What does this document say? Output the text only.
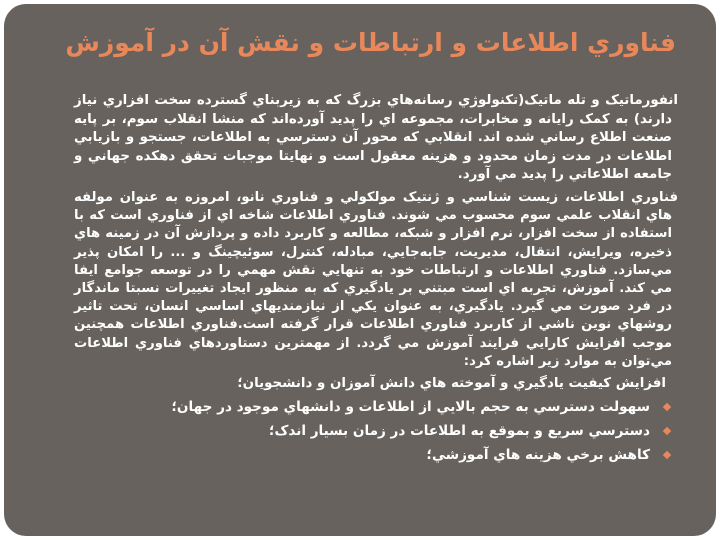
فناوري اطلاعات و ارتباطات و نقش آن در آموزش

انفورماتيک و تله ماتيک(تکنولوژي رسانه‌هاي بزرگ که به زيربناي گسترده سخت افزاري نياز دارند) به کمک رايانه و مخابرات، مجموعه اي را پديد آورده‌اند که منشا انقلاب سوم، بر پايه صنعت اطلاع رساني شده اند. انقلابي که محور آن دسترسي به اطلاعات، جستجو و بازيابي اطلاعات در مدت زمان محدود و هزينه معقول است و نهايتا موجبات تحقق دهکده جهاني و جامعه اطلاعاتي را پديد مي آورد.

فناوري اطلاعات، زيست شناسي و ژنتيک مولکولي و فناوري نانو، امروزه به عنوان مولفه هاي انقلاب علمي سوم محسوب مي شوند. فناوري اطلاعات شاخه اي از فناوري است که با استفاده از سخت افزار، نرم افزار و شبکه، مطالعه و کاربرد داده و پردازش آن در زمينه هاي ذخيره، ويرايش، انتقال، مديريت، جابه‌جايي، مبادله، کنترل، سوئيچينگ و ... را امکان پذير مي‌سازد. فناوري اطلاعات و ارتباطات خود به تنهايي نقش مهمي را در توسعه جوامع ايفا مي کند. آموزش، تجربه اي است مبتني بر يادگيري که به منظور ايجاد تغييرات نسبتا ماندگار در فرد صورت مي گيرد. يادگيري، به عنوان يکي از نيازمنديهاي اساسي انسان، تحت تاثير روشهاي نوين ناشي از کاربرد فناوري اطلاعات قرار گرفته است.فناوري اطلاعات همچنين موجب افزايش کارايي فرايند آموزش مي گردد. از مهمترين دستاوردهاي فناوري اطلاعات مي‌توان به موارد زير اشاره کرد:

افزايش کيفيت يادگيري و آموخته هاي دانش آموزان و دانشجويان؛
سهولت دسترسي به حجم بالايي از اطلاعات و دانشهاي موجود در جهان؛
دسترسي سريع و بموقع به اطلاعات در زمان بسيار اندک؛
کاهش برخي هزينه هاي آموزشي؛
